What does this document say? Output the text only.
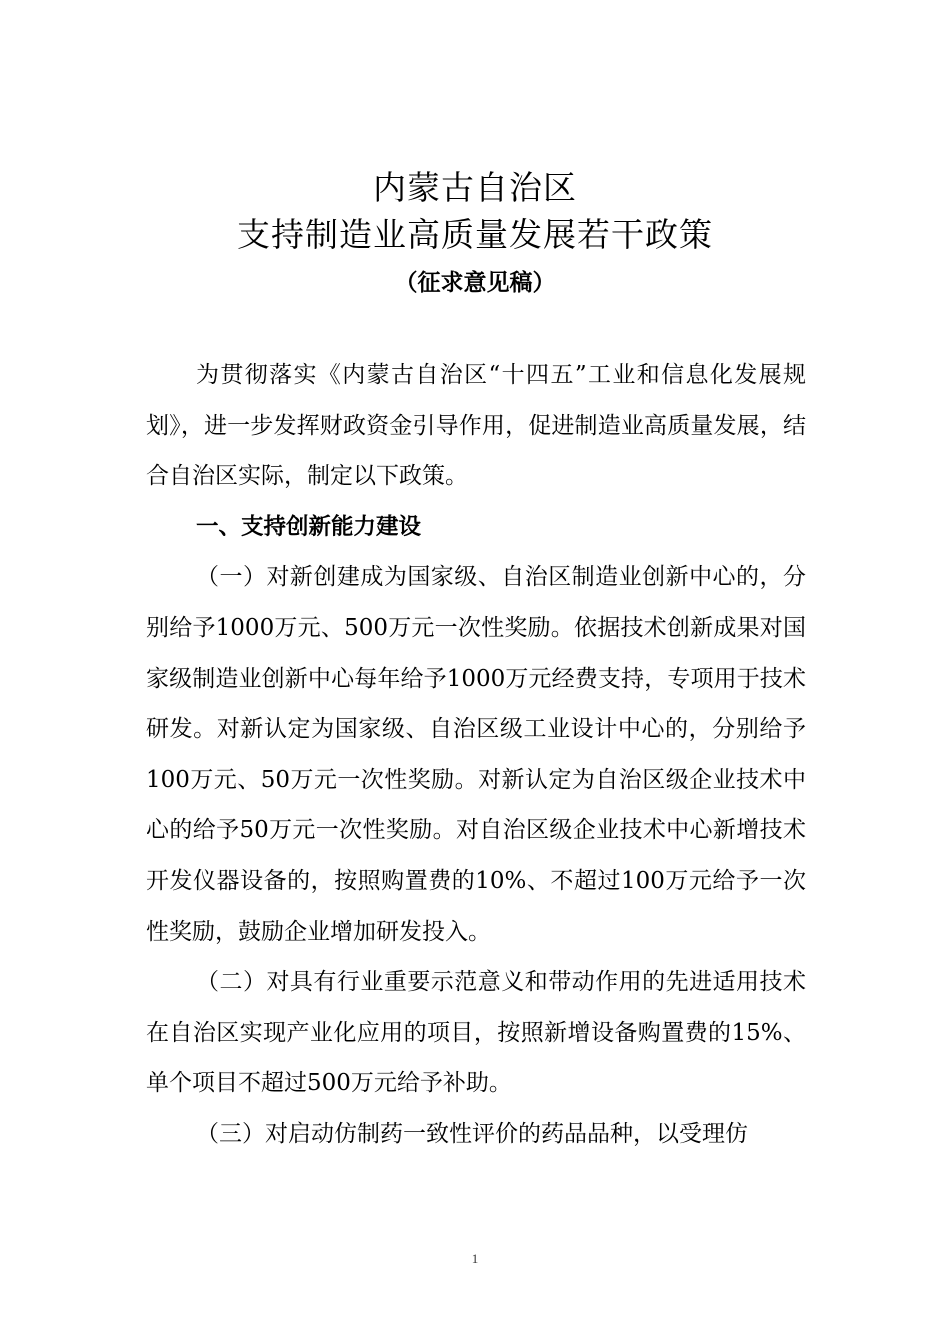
内蒙古自治区
支持制造业高质量发展若干政策
（征求意见稿）

为贯彻落实《内蒙古自治区“十四五”工业和信息化发展规划》，进一步发挥财政资金引导作用，促进制造业高质量发展，结合自治区实际，制定以下政策。

一、支持创新能力建设

（一）对新创建成为国家级、自治区制造业创新中心的，分别给予1000万元、500万元一次性奖励。依据技术创新成果对国家级制造业创新中心每年给予1000万元经费支持，专项用于技术研发。对新认定为国家级、自治区级工业设计中心的，分别给予100万元、50万元一次性奖励。对新认定为自治区级企业技术中心的给予50万元一次性奖励。对自治区级企业技术中心新增技术开发仪器设备的，按照购置费的10%、不超过100万元给予一次性奖励，鼓励企业增加研发投入。

（二）对具有行业重要示范意义和带动作用的先进适用技术在自治区实现产业化应用的项目，按照新增设备购置费的15%、单个项目不超过500万元给予补助。

（三）对启动仿制药一致性评价的药品品种，以受理仿

1
